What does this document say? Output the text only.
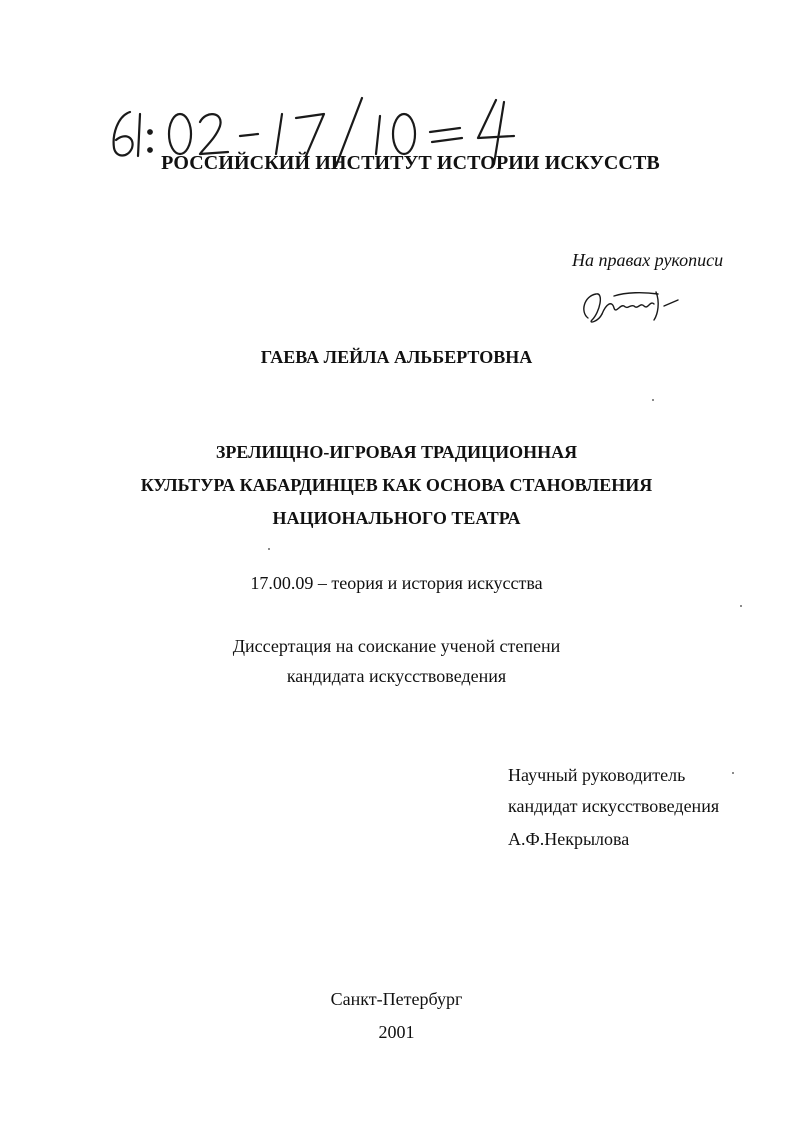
РОССИЙСКИЙ ИНСТИТУТ ИСТОРИИ ИСКУССТВ
На правах рукописи
ГАЕВА ЛЕЙЛА АЛЬБЕРТОВНА
ЗРЕЛИЩНО-ИГРОВАЯ ТРАДИЦИОННАЯ
КУЛЬТУРА КАБАРДИНЦЕВ КАК ОСНОВА СТАНОВЛЕНИЯ
НАЦИОНАЛЬНОГО ТЕАТРА
17.00.09 – теория и история искусства
Диссертация на соискание ученой степени
кандидата искусствоведения
Научный руководитель
кандидат искусствоведения
А.Ф.Некрылова
Санкт-Петербург
2001
